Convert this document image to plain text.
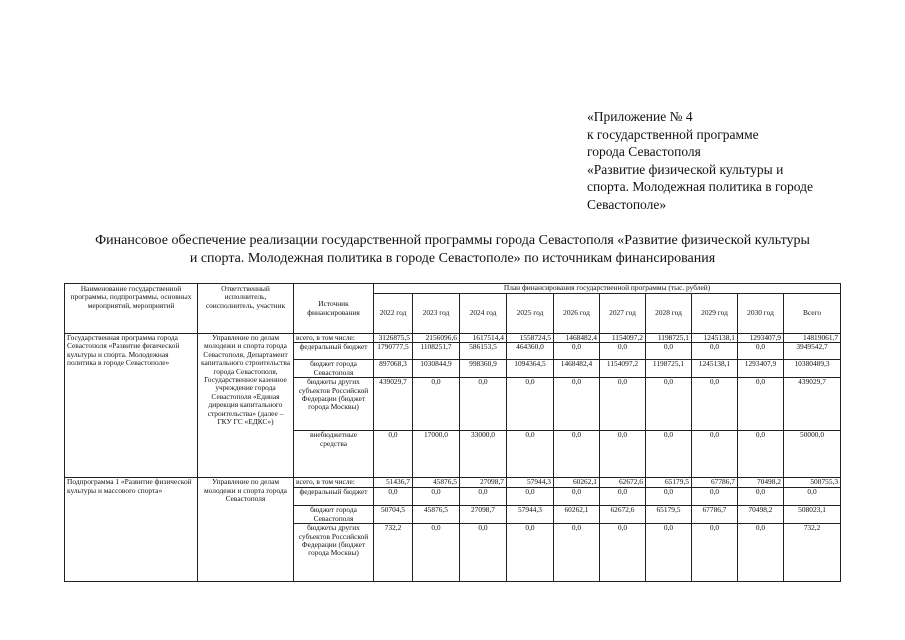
«Приложение № 4
к государственной программе
города Севастополя
«Развитие физической культуры и
спорта. Молодежная политика в городе
Севастополе»
Финансовое обеспечение реализации государственной программы города Севастополя «Развитие физической культуры
и спорта. Молодежная политика в городе Севастополе» по источникам финансирования
Наименование государственной программы, подпрограммы, основных мероприятий, мероприятий	Ответственный исполнитель, соисполнитель, участник	Источник финансирования	План финансирования государственной программы (тыс. рублей)									
			2022 год	2023 год	2024 год	2025 год	2026 год	2027 год	2028 год	2029 год	2030 год	Всего
Государственная программа города Севастополя «Развитие физической культуры и спорта. Молодежная политика в городе Севастополе»	Управление по делам молодежи и спорта города Севастополя, Департамент капитального строительства города Севастополя, Государственное казенное учреждение города Севастополя «Единая дирекция капитального строительства» (далее – ГКУ ГС «ЕДКС»)	всего, в том числе:	3126875,5	2156096,6	1617514,4	1558724,5	1468482,4	1154097,2	1198725,1	1245138,1	1293407,9	14819061,7
		федеральный бюджет	1790777,5	1108251,7	586153,5	464360,0	0,0	0,0	0,0	0,0	0,0	3949542,7
		бюджет города Севастополя	897068,3	1030844,9	998360,9	1094364,5	1468482,4	1154097,2	1198725,1	1245138,1	1293407,9	10380489,3
		бюджеты других субъектов Российской Федерации (бюджет города Москвы)	439029,7	0,0	0,0	0,0	0,0	0,0	0,0	0,0	0,0	439029,7
		внебюджетные средства	0,0	17000,0	33000,0	0,0	0,0	0,0	0,0	0,0	0,0	50000,0
Подпрограмма 1 «Развитие физической культуры и массового спорта»	Управление по делам молодежи и спорта города Севастополя	всего, в том числе:	51436,7	45876,5	27098,7	57944,3	60262,1	62672,6	65179,5	67786,7	70498,2	508755,3
		федеральный бюджет	0,0	0,0	0,0	0,0	0,0	0,0	0,0	0,0	0,0	0,0
		бюджет города Севастополя	50704,5	45876,5	27098,7	57944,3	60262,1	62672,6	65179,5	67786,7	70498,2	508023,1
		бюджеты других субъектов Российской Федерации (бюджет города Москвы)	732,2	0,0	0,0	0,0	0,0	0,0	0,0	0,0	0,0	732,2
